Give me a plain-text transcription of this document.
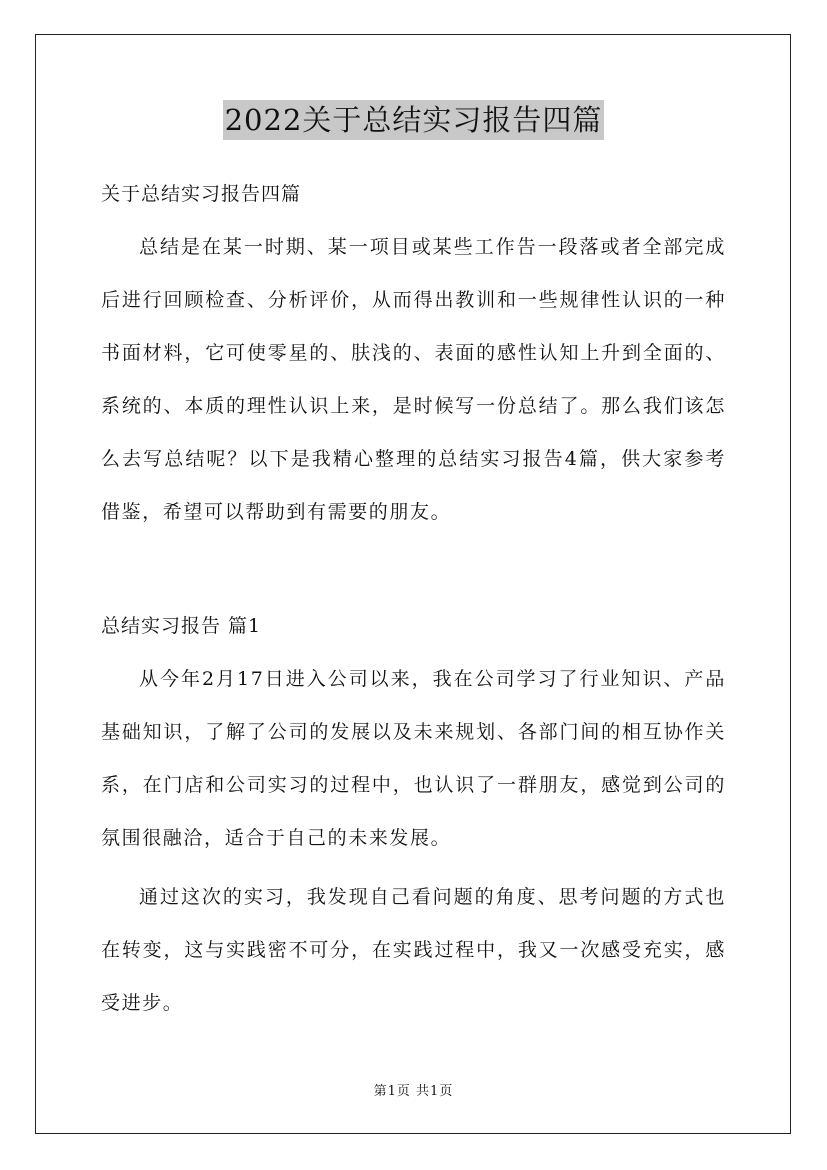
2022关于总结实习报告四篇
关于总结实习报告四篇

总结是在某一时期、某一项目或某些工作告一段落或者全部完成后进行回顾检查、分析评价，从而得出教训和一些规律性认识的一种书面材料，它可使零星的、肤浅的、表面的感性认知上升到全面的、系统的、本质的理性认识上来，是时候写一份总结了。那么我们该怎么去写总结呢？以下是我精心整理的总结实习报告4篇，供大家参考借鉴，希望可以帮助到有需要的朋友。

总结实习报告 篇1

从今年2月17日进入公司以来，我在公司学习了行业知识、产品基础知识，了解了公司的发展以及未来规划、各部门间的相互协作关系，在门店和公司实习的过程中，也认识了一群朋友，感觉到公司的氛围很融洽，适合于自己的未来发展。

通过这次的实习，我发现自己看问题的角度、思考问题的方式也在转变，这与实践密不可分，在实践过程中，我又一次感受充实，感受进步。

第1页 共1页
